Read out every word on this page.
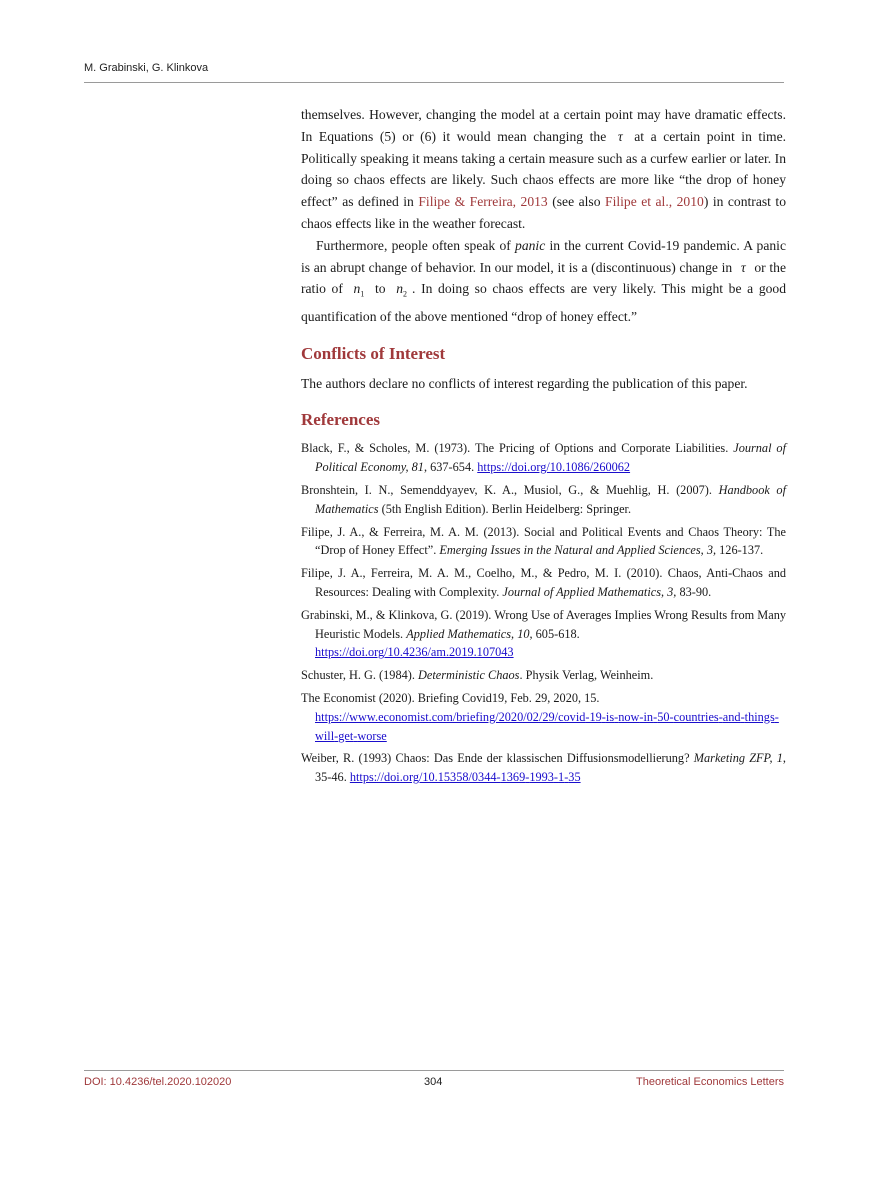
M. Grabinski, G. Klinkova

themselves. However, changing the model at a certain point may have dramatic effects. In Equations (5) or (6) it would mean changing the τ at a certain point in time. Politically speaking it means taking a certain measure such as a curfew earlier or later. In doing so chaos effects are likely. Such chaos effects are more like “the drop of honey effect” as defined in Filipe & Ferreira, 2013 (see also Filipe et al., 2010) in contrast to chaos effects like in the weather forecast.

Furthermore, people often speak of panic in the current Covid-19 pandemic. A panic is an abrupt change of behavior. In our model, it is a (discontinuous) change in τ or the ratio of $n_1$ to $n_2$ . In doing so chaos effects are very likely. This might be a good quantification of the above mentioned “drop of honey effect.”

Conflicts of Interest

The authors declare no conflicts of interest regarding the publication of this paper.

References

Black, F., & Scholes, M. (1973). The Pricing of Options and Corporate Liabilities. Journal of Political Economy, 81, 637-654. https://doi.org/10.1086/260062

Bronshtein, I. N., Semenddyayev, K. A., Musiol, G., & Muehlig, H. (2007). Handbook of Mathematics (5th English Edition). Berlin Heidelberg: Springer.

Filipe, J. A., & Ferreira, M. A. M. (2013). Social and Political Events and Chaos Theory: The “Drop of Honey Effect”. Emerging Issues in the Natural and Applied Sciences, 3, 126-137.

Filipe, J. A., Ferreira, M. A. M., Coelho, M., & Pedro, M. I. (2010). Chaos, Anti-Chaos and Resources: Dealing with Complexity. Journal of Applied Mathematics, 3, 83-90.

Grabinski, M., & Klinkova, G. (2019). Wrong Use of Averages Implies Wrong Results from Many Heuristic Models. Applied Mathematics, 10, 605-618.
https://doi.org/10.4236/am.2019.107043

Schuster, H. G. (1984). Deterministic Chaos. Physik Verlag, Weinheim.

The Economist (2020). Briefing Covid19, Feb. 29, 2020, 15.
https://www.economist.com/briefing/2020/02/29/covid-19-is-now-in-50-countries-and-things-will-get-worse

Weiber, R. (1993) Chaos: Das Ende der klassischen Diffusionsmodellierung? Marketing ZFP, 1, 35-46. https://doi.org/10.15358/0344-1369-1993-1-35

DOI: 10.4236/tel.2020.102020	304	Theoretical Economics Letters
